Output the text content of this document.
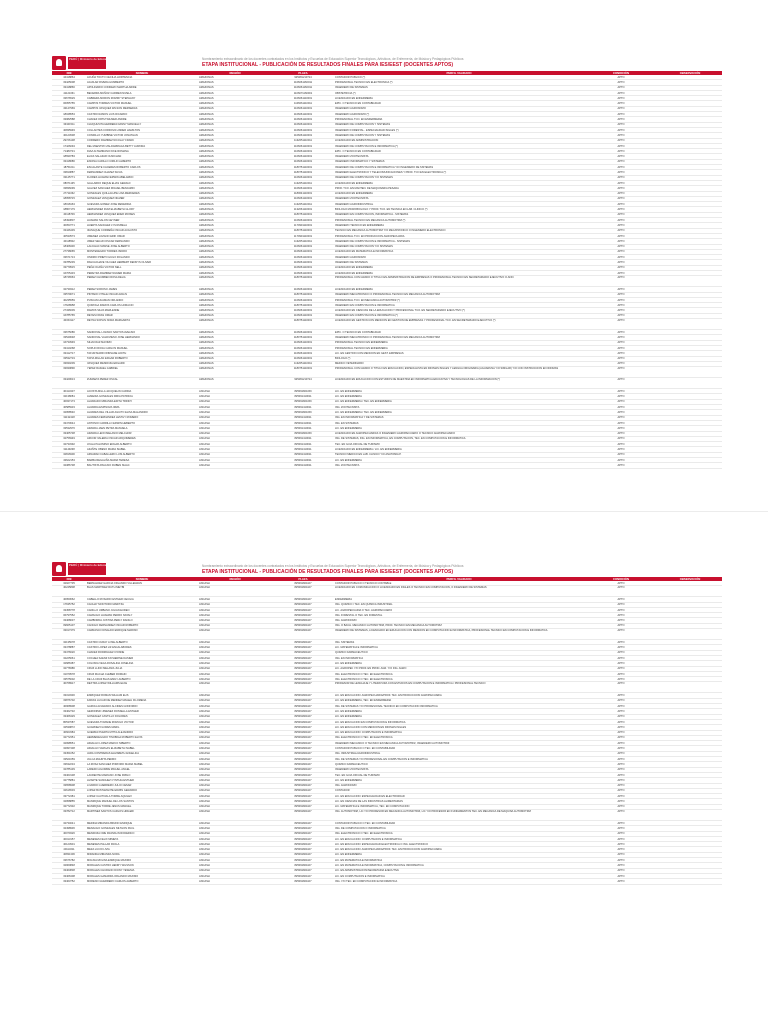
PERÚ | Ministerio de Educación	Nombramiento extraordinario de los docentes contratados en los Institutos y Escuelas de Educación Superior Tecnológicos, Artísticos, de Enfermería, de Música y Pedagógicos Públicos
ETAPA INSTITUCIONAL - PUBLICACIÓN DE RESULTADOS FINALES PARA IES/EEST (DOCENTES APTOS)
DNI	NOMBRE	REGIÓN	PLAZA	PERFIL VALIDADO	CONDICIÓN	OBSERVACIÓN
44418864	ACUÑA TOCTO CECILIA HORTENCIA	AMAZONAS	925281210714	CONTADOR PUBLICO (*)	APTO	
33425608	AGUILAR RIVERA HUMBERTO	AMAZONAS	1106061160011	PROFESIONAL TECNICO EN ELECTRONICA (*)	APTO	
33418866	APOLINARIO CONDEZO MARTHA ARIDE	AMAZONAS	1106061160011	INGENIERO DE SISTEMAS	APTO	
41121061	BECERRA MUÑOZ CARMEN NIVELA	AMAZONAS	1106071160001	OBSTETRICIA (*)	APTO	
33676529	CABRERA MORON ROMMY STEPHANY	AMAZONAS	1106061110001	LICENCIADO EN ENFERMERIA	APTO	
06055755	CAMPOS TORRES VICTOR MANUEL	AMAZONAS	1106061110011	EPIC. O TECNICO EN CONTABILIDAD	APTO	
43147969	CAMPOS VASQUEZ WILSON MERSEDAS	AMAZONAS	1106061110001	INGENIERO AGRONOMO	APTO	
18048553	CASTRO RAMOS LUIS RICARDO	AMAZONAS	1106061110001	INGENIERO AGRONOMO (*)	APTO	
33082588	CHAVEZ ORTIZ WILMER ANDRE	AMAZONAS	1106061110001	PROFESIONAL TCO. EN ENFERMERIA	APTO	
33341511	CHUQUIZUTA HERRERA DANNY MANUELLY	AMAZONAS	1106061110001	INGENIERO DE COMPUTACION Y SISTEMAS	APTO	
40835993	COLLANTES CORDOVA LINDER HAMILTON	AMAZONAS	1106061110001	INGENIERO FORESTAL - ESPECIALIDAD INGLES (*)	APTO	
40124538	CONDILLO YUMBINE VICTOR JONATHAN	AMAZONAS	1106061110001	INGENIERO DE COMPUTACION Y SISTEMAS	APTO	
29726138	CORDERO RAMIREZ NICOLAY FRANK	AMAZONAS	1132051110011	LICENCIADO EN ADMINISTRACION	APTO	
17426094	DEL MAESTRO ZALDARRIAGA BETTY AURORA	AMAZONAS	1106061110001	INGENIERO DE COMPUTACION E INFORMATICA (*)	APTO	
71483731	DIAZ ALTAMIRANO KIKE ROMANA	AMAZONAS	1106061110001	EPIC. O TECNICO EN CONTABILIDAD	APTO	
18699783	ELIAS SALAZAR OLMICHAN	AMAZONAS	1106061110001	INGENIERO ZOOTECNISTA	APTO	
33418686	ENCINA CARILLO CIRILIO ALBERTO	AMAZONAS	1106061110001	INGENIERO INFORMATICO Y SISTEMAS	APTO	
18751011	ESCALANTE CACERES ROBERTO CARLOS	AMAZONAS	1180751110001	INGENIERO DE COMPUTACION E INFORMATICA Y/O INGENIERO DE SISTEMAS	APTO	
33810887	FERNANDEZ CHAVEZ SILVIA	AMAZONAS	1180751110001	INGENIERO ELECTRONICO Y TELECOMUNICACIONES Y PROF. TCO EN ELECTRONICA (*)	APTO	
33145771	FLORES HUAMAN ERWIN ABELARDO	AMAZONAS	1106061110001	INGENIERO DE COMPUTACION Y/O SISTEMAS	APTO	
08071135	GALLARDO REQUE ELIAS GERALD	AMAZONAS	1132051110011	LICENCIADO EN ENFERMERIA	APTO	
33836099	GALVEZ SANCHEZ MIGUEL BENJAMIN	AMAZONAS	1106061110001	PROF. TCO. EN MANTEN. DE MAQUINARIA PESADA	APTO	
27711062	GONZALES QUILLALUPE LINA MERCEDES	AMAZONAS	1180641110001	LICENCIADO EN ENFERMERIA	APTO	
18058715	GONZALEZ VASQUEZ NILMER	AMAZONAS	1106061110001	INGENIERO ZOOTECNISTA	APTO	
18018163	GUEVARA GOMEZ JOSE RENERIDA	AMAZONAS	1132051110011	INGENIERO AGROINDUSTRIAL	APTO	
18807179	HERNANDEZ RUIZ ELIZABETH GLORY	AMAZONAS	1132061110001	BIOLOGO MICROBIOLOGO Y PROF. TCO. EN TECNICA EN LAB. CLINICO (*)	APTO	
40118709	HERNANDEZ VASQUEZ EDER MOISES	AMAZONAS	1180751110001	INGENIERO EN COMPUTACION, INFORMATICA - SISTEMAS	APTO	
18493807	HUAMAN SALON GEYNER	AMAZONAS	1106061110001	PROFESIONAL TECNICO EN MECANICA AUTOMOTRIZ (*)	APTO	
40053771	HUERTA SANCHEZ LYS RUBELA	AMAZONAS	1170901110001	INGENIERO TECNICO EN ENFERMERIA	APTO	
33446439	IZANAQUE CORREÑA OSCAR AUGUSTO	AMAZONAS	1180751110001	TECNICO EN MECANICA AUTOMOTRIZ Y/O MECATRONICO O INGENIERO ELECTRONICO	APTO	
40533573	JIMENEZ LOZANO ERIK OMAR	AMAZONAS	1170901110001	PROFESIONAL TCO. EN PRODUCCION AGROPECUARIA	APTO	
40118502	JIMEZ SEGUN OSCAR FERNANDO	AMAZONAS	1132051110011	INGENIERO DE COMPUTACION E INFORMATICA - SISTEMAS	APTO	
18408430	LALICHAC MANSE JOSE ALBERTO	AMAZONAS	1106061110001	INGENIERO DE COMPUTACION Y/O SISTEMAS	APTO	
27738065	MONTENEGRO TORRES ISIDRO	AMAZONAS	1106061110001	LICENCIADO EN MATEMATICA E INFORMATICA	APTO	
33671713	ONDRIO PRIETO HUGO ROLANDO	AMAZONAS	1106061110001	INGENIERO AGRONOMO	APTO	
33785239	PAHUACHAVE VILCHEZ HERBERT DENNYS OLIVER	AMAZONAS	1106061110001	INGENIERO DE SISTEMAS	APTO	
33779515	PEÑA OCAÑA VICTOR NELL	AMAZONAS	1106061110001	LICENCIADO EN ENFERMERIA	APTO	
16705433	PEREYRA RAMIREZ NILMER MARIA	AMAZONAS	1106061110001	LICENCIADO EN ENFERMERIA	APTO	
18746563	PEREZ CHUMBEN ROSA DELIA	AMAZONAS	1180751110001	PROFESIONAL CON GRADO O TITULO EN ADMINISTRACION DE EMPRESAS O PROFESIONAL TECNICO EN SECRETARIADO EJECUTIVO O AFIN	APTO	
32739312	PEREZ SOROSO JAMES	AMAZONAS	1106061110001	LICENCIADO EN ENFERMERIA	APTO	
33579071	PINTADO VITALE OSCAR AVALIS	AMAZONAS	1180751110001	INGENIERO MECATRONICO O PROFESIONAL TECNICO EN MECANICA AUTOMOTRIZ	APTO	
40235559	PUSCAN HUAMAN ORLANDO	AMAZONAS	1106061110001	PROFESIONAL TCO. EN MECANICA AUTOMOTRIZ (*)	APTO	
17628958	QUIROGA RAMOS CARLOS HORACIO	AMAZONAS	1180751110001	INGENIERO EN COMPUTACION E INFORMATICA	APTO	
27436609	RAMOS SILVA MARLENNE	AMAZONAS	1106061110001	LICENCIADO EN CIENCIAS DE LA EDUCACION Y PROFESIONAL TCO. EN SECRETARIADO EJECUTIVO (*)	APTO	
16785765	REYES FRIAS OMAR	AMAZONAS	1106061110001	INGENIERO EN COMPUTACION E INFORMATICA (*)	APTO	
40153117	REYNA SOPLIN NORA MARGARITA	AMAZONAS	1180751110001	LICENCIADO EN GESTION CON MENCION EN GESTION DE EMPRESAS Y PROFESIONAL TCO. EN SECRETARIADO EJECUTIVO (*)	APTO	
33675086	SANDOVAL LOZANO SANTOS AVELINO	AMAZONAS	1106061110001	EPIC. O TECNICO EN CONTABILIDAD	APTO	
33549648	SANDOVAL VALDIVIESO JOSE HERNANDO	AMAZONAS	1180751110001	INGENIERO MECATRONICO O PROFESIONAL TECNICO EN MECANICA AUTOMOTRIZ	APTO	
16733993	SILVA DIAZ MAXIMO	AMAZONAS	1106061110001	PROFESIONAL TECNICO EN ENFERMERIA	APTO	
33410268	SOPLIN RIOJA CARLOS MANUEL	AMAZONAS	1106061110001	PROFESIONAL TECNICO EN ENFERMERIA	APTO	
33412717	TAFUR MARIN WINSANE LIDITH	AMAZONAS	1106061110001	LIC. EN GESTION CON MENCION EN GEST. EMPRESAS	APTO	
33532719	TAPIA MILLAN EDGAR ROBERTO	AMAZONAS	1106061110001	BIOLOGO (*)	APTO	
33930209	VASQUEZ MENDOZA EDGARD	AMAZONAS	1132051110011	MEDICO VETERINARIO	APTO	
33930890	YEPEZ RAFAEL GABRIEL	AMAZONAS	1180751110001	PROFESIONAL CON GRADO O TITULO EN EDUCACION, ESPECIALISTA EN IDIOMAS INGLES Y LENGUA ORIGINARIA (AGUARUNA Y/O SIMILAR) Y/O CON INSTRUCCION EN IDIOMAS	APTO	
33429613	ZUMAETA PEREZ OSCAL	AMAZONAS	925281210714	LICENCIADO EN EDUCACION CON ESTUDIOS DE MAESTRIA EN INFORMATICA EDUCATIVA Y TECNOLOGIAS DE LA INFORMACION (*)	APTO	
40413437	ACOSTA MILLA JACQUELIN CARIDA	ANCASH	825091821159	LIC. EN ENFERMERIA	APTO	
32138081	ALMEIDA GONZALES DIRIA PATRICIA	ANCASH	825091410011	LIC. EN ENFERMERIA	APTO	
40937173	ALVARADO MIRANDA EDITH TRINNY	ANCASH	825091821159	LIC. EN ENFERMERIA / TEC. EN ENFERMERIA	APTO	
40585933	ALVARDA ESPINOZA IRMA	ANCASH	825091410011	ING. ZOOTECNISTA	APTO	
32958540	ALVARES DEL VILLAR AGUITO ELISA MALANDRO	ANCASH	825091821159	LIC. EN ENFERMERIA / TEC. EN ENFERMERIA	APTO	
31132418	ALVARES FERNANDEZ LESTHY ROMERO	ANCASH	825091410011	ING. EN INFORMATICA Y DE SISTEMAS	APTO	
33470644	ANTONIO CARRILLO EDWIN HEBERTO	ANCASH	825091410011	ING. EN SISTEMAS	APTO	
33532976	ARANDA JAEN PETRA MANUELA	ANCASH	825091410011	LIC. EN ENFERMERIA	APTO	
33465738	ARANDA LEON MELANIO MELCHOR	ANCASH	825091821159	LICENCIADO EN AGROPECUARIAS O INGENIERO AGROPECUARIO O TECNICO AGROPECUARIO	APTO	
32756949	ARCOR VALERIA OSCAR ARQUIMEDES	ANCASH	825091410011	ING. DE SISTEMAS, ING. EN INFORMATICA, EN COMPUTACION, TEC. EN COMPUTACION E INFORMATICA	APTO	
32733392	AYALA PALOMINO EDGAR ALBERTO	ANCASH	825091410011	TEC. EN GUIA OFICIAL DE TURISMO	APTO	
31149238	AZAÑTE OBESO MARIA ISABEL	ANCASH	825091410011	LICENCIADO EN ENFERMERIA / LIC. EN ENFERMERIA	APTO	
32816900	AZNARAN CABALLERO LUIS ALBERTO	ANCASH	825091410011	TECNICO MEDICO EN LAB. CLINICO Y/O ANATOMIA P.	APTO	
43622153	BARBA REGALIÑA MARIA TERESA	ANCASH	825091410011	LIC. EN ENFERMERIA	APTO	
32386738	BAUTISTA PAULINO RUBEN ISAAC	ANCASH	825091410011	ING. ZOOTECNISTA	APTO	
PERÚ | Ministerio de Educación	Nombramiento extraordinario de los docentes contratados en los Institutos y Escuelas de Educación Superior Tecnológicos, Artísticos, de Enfermería, de Música y Pedagógicos Públicos
ETAPA INSTITUCIONAL - PUBLICACIÓN DE RESULTADOS FINALES PARA IES/EEST (DOCENTES APTOS)
DNI	NOMBRE	REGIÓN	PLAZA	PERFIL VALIDADO	CONDICIÓN	OBSERVACIÓN
32927735	BERNALDEZ GARCIA ORLANDO VILLEGRAN	ANCASH	825091821107	CONTADOR PUBLICO O TECNICO CONTABLE	APTO	
40245808	BLAS MARTINEZ RUTH MEYBI	ANCASH	825091821107	LICENCIADO EN COMUNICACION O LICENCIADO EN INGLES O TECNICO EN COMPUTACION, O INGENIERO DE SISTEMAS	APTO	
40950662	CABELLO ROSARIO ESTHER CECILIA	ANCASH	825091821107	ENFERMERIA	APTO	
17635752	CACHAY MONTORO MARITZA	ANCASH	825091821107	ING. QUIMICO / TEC. EN QUIMICA INDUSTRIAL	APTO	
33458778	CADILLO URBANO JULIAN EUDEO	ANCASH	825091821107	LIC. AGROPECUARIA O TEC. AGROPECUARIO	APTO	
06797552	CAMACHO HUAMAN PEDRO NATALY	ANCASH	825091821107	ING. FORESTAL O TEC. EN FORESTAL	APTO	
33468037	CAMBORDA JUSTINA PERLY DANILO	ANCASH	825091821107	ING. AGRONOMO	APTO	
09665107	CANCHO FERNANDEZ OSCAR ROBERTO	ANCASH	825091821107	ING. O BACH. MECANICO AUTOMOTRIZ, PROF. TECNICO EN MECANICA AUTOMOTRIZ	APTO	
33017379	CARRASCO DINALDO ENRIQUE MARINO	ANCASH	825091821107	INGENIERO DE SISTEMAS, LICENCIADO EN EDUCACION CON MENCION EN COMPUTACION E INFORMATICA, PROFESIONAL TECNICO EN COMPUTACION E INFORMATICA	APTO	
32135678	CASTRO CURAY LOSE ALBERTO	ANCASH	825091821107	ING. SISTEMAS	APTO	
33478887	CASTRO LOPEZ LIZ ESCALABODES	ANCASH	825091821107	LIC. MATEMATICA E INFORMATICA	APTO	
33476620	CHAVEZ RODRIGUEZ IVONNE	ANCASH	825091821107	QUIMICO FARMACEUTICO	APTO	
32225661	COCHEA SAENZ KATHERINE DASIER	ANCASH	825091821107	ING. EN INFORMATICA	APTO	
32686387	COLONIA VEGA ROSALINA JOSELINA	ANCASH	825091821107	LIC. EN ENFERMERIA	APTO	
32778386	CRUZ LLINO MELANIA JULIA	ANCASH	825091821107	LIC. AGROPEC Y/O PROF. EN PROD. AGR. Y/O ING. AGRO	APTO	
31079578	CRUZ MACHA CLEBER ROMAIN	ANCASH	825091821107	ING. ELECTRONICO O TEC. EN ELECTRONICA	APTO	
33575602	DE LA CRUZ BLAS EMILY ALBERTO	ANCASH	825091821107	ING. ELECTRONICO O TEC. EN ELECTRONICA	APTO	
40768917	DEXTRA LOPEZ WILLIAMS ELKE	ANCASH	825091821107	PROFESOR DE LENGUAJE Y LITERATURA CON ESTUDIOS EN COMPUTACION E INFORMATICA / PROFESIONAL TECNICO	APTO	
33310330	ENRIQUEZ ROMAN WILLIAM ELIS	ANCASH	825091821107	LIC. EN EDUCACION: AGROPECUARIA/PROF. TEC. EN PRODUCCION AGROPECUARIA	APTO	
33876702	FARIAS LUCAR DE MENDEZ MAGELI FILOMENA	ANCASH	825091821107	LIC. EN ENFERMERIA, TEC. EN ENFERMERIA	APTO	
40968908	GARCIA ALVARADO ALCIDES GONFIRDO	ANCASH	825091821107	ING. DE SISTEMAS Y/O PROFESIONAL TECNICO EN COMPUTACION INFORMATICA	APTO	
33462732	GERONIMO JIMENEZ ROSSELLA ESTHER	ANCASH	825091821107	LIC. EN ENFERMERIA	APTO	
33466329	GONZALEZ CASTILLO DOLORES	ANCASH	825091821107	LIC. EN ENFERMERIA	APTO	
80537687	GUEVARA TOMANE ROMULO VICTOR	ANCASH	825091821107	LIC. EN EDUCACION EN COMPUTACION E INFORMATICA	APTO	
32539872	GUARNEZ FLORES MARIL	ANCASH	825091821107	LIC. EN EDUCACION CON MENCION EN IDIOMAS INGLES	APTO	
40603384	GUERRA PUERTA MITTA ALEJANDRO	ANCASH	825091821107	LIC. EN EDUCACION: COMPUTACION E INFORMATICA	APTO	
32772351	HERMENEGILDO TINOBIGA ROBERTO ELVIS	ANCASH	825091821107	ING. ELECTRONICO O TEC. EN ELECTRONICA	APTO	
32998551	HIDALGO LOPEZ MARCO NIBERTO	ANCASH	825091821107	INGENIERO MECANICO O TECNICO EN MECANICA AUTOMOTRIZ, INGENIERO AUTOMOTRIZ	APTO	
32997438	HIDALGO VARGAS ELIZABETH ISABEL	ANCASH	825091821107	CONTADOR PUBLICO O TEC. EN CONTABILIDAD	APTO	
33451052	JARA CONTRERAS ELIZABETH ANGELICA	ANCASH	825091821107	ING. INDUSTRIAL/AGROINDUSTRIAL	APTO	
33521659	JULCA MAURTA PEDRO	ANCASH	825091821107	ING. DE SISTEMAS Y/O PROFESIONAL EN COMPUTACION E INFORMATICA	APTO	
33632234	LA ROSA SANCHEZ PORFIRIO MARIA ISABEL	ANCASH	825091821107	QUIMICO FARMACEUTICO	APTO	
32785139	LAREDO AGUIRRE MIGUEL ANGEL	ANCASH	825091821107	INGENIERO ZOOTECNISTA	APTO	
33463138	LAURENTE MARIANO JOSE PABLO	ANCASH	825091821107	TEC. EN GUIA OFICIAL DE TURISMO	APTO	
32775881	LIZARTE SANCHEZ CYNTHIA ESTHER	ANCASH	825091821107	LIC. EN ENFERMERIA	APTO	
33658908	LOARDO GUERRERO JULIO CESAR	ANCASH	825091821107	ING. AGRONOMO	APTO	
32616503	LOPEZ BUSTAMANTE EDWIN GERARDO	ANCASH	825091821107	CONTADOR	APTO	
33772481	LOPEZ CAUTIVALA TORRE AQUILEX	ANCASH	825091821107	LIC. EN EDUCACION: ESPECIALIDAD EN ELECTRICIDAD	APTO	
32958855	MANRIQUE MANUEL DE LOS SANTOS	ANCASH	825091821107	LIC. EN CIENCIAS DE LAS INDUSTRIAS ALIMENTARIAS	APTO	
32772332	MANRIQUE TORRE JESUS MANUEL	ANCASH	825091821107	LIC. MATEMATICA E INFORMATICA, TEC. EN COMPUTACION	APTO	
33782712	MARTINEZ SANTOS CARLOS HIRLERI	ANCASH	825091821107	ING. AUTOMOTRIZ, LIC Y/O PROFESOR EN MECANICA AUTOMOTRIZ, LIC Y/O PROFESOR EN FUNDAMENTOS TEC. EN MECANICA DE MAQUINA AUTOMOTRIZ	APTO	
32734641	MEDINA MIRANDA BRUNO ENRIQUE	ANCASH	825091821107	CONTADOR PUBLICO O TEC. EN CONTABILIDAD	APTO	
32498936	MENACHO GONZALES NILTHON PAUL	ANCASH	825091821107	ING. DE COMPUTACION O INFORMATICA	APTO	
40079326	MENDOZA ORE FRANKLIN RODERICO	ANCASH	825091821107	ING. ELECTRONICO O TEC. EN ELECTRONICA	APTO	
40013157	MENESES FELIX MIMETA	ANCASH	825091821107	LIC. EN EDUCACION: COMPUTACION E INFORMATICA	APTO	
40123901	MENESES PALLAR PAOLA	ANCASH	825091821107	LIC. EN EDUCACION: ESPECIALIDAD ELECTRONICA O ING. ELECTRONICO	APTO	
40113211	MEZA LUCIO LIVIA	ANCASH	825091821107	LIC. EN EDUCACION: AGROPECUARIA/PROF. TEC. EN PRODUCCION AGROPECUARIA	APTO	
40831306	MIRANDA MIRANDA NORA	ANCASH	825091821107	LIC. EN ENFERMERIA	APTO	
33676782	MOLINA MOLINA ENRIQUE MAXIMO	ANCASH	825091821107	LIC. EN MATEMATICA E INFORMATICA	APTO	
32960848	MORALES CASTRO HENRY WILSSON	ANCASH	825091821107	LIC. EN MATEMATICA E INFORMATICA, COMPUTACION E INFORMATICA	APTO	
33463838	MORALES CHURANO DIONY YESENIA	ANCASH	825091821107	LIC. EN ADMINISTRACION/SECRETARIA EJECUTIVA	APTO	
33466308	MORALES GAMARRA ORLANDO MAXIMO	ANCASH	825091821107	LIC. EN COMPUTACION E INFORMATICA	APTO	
33463752	MORENO GUERRERO CARLOS ALBERTO	ANCASH	825091821107	ING. Y/O TEC. EN COMPUTACION E INFORMATICA	APTO	
